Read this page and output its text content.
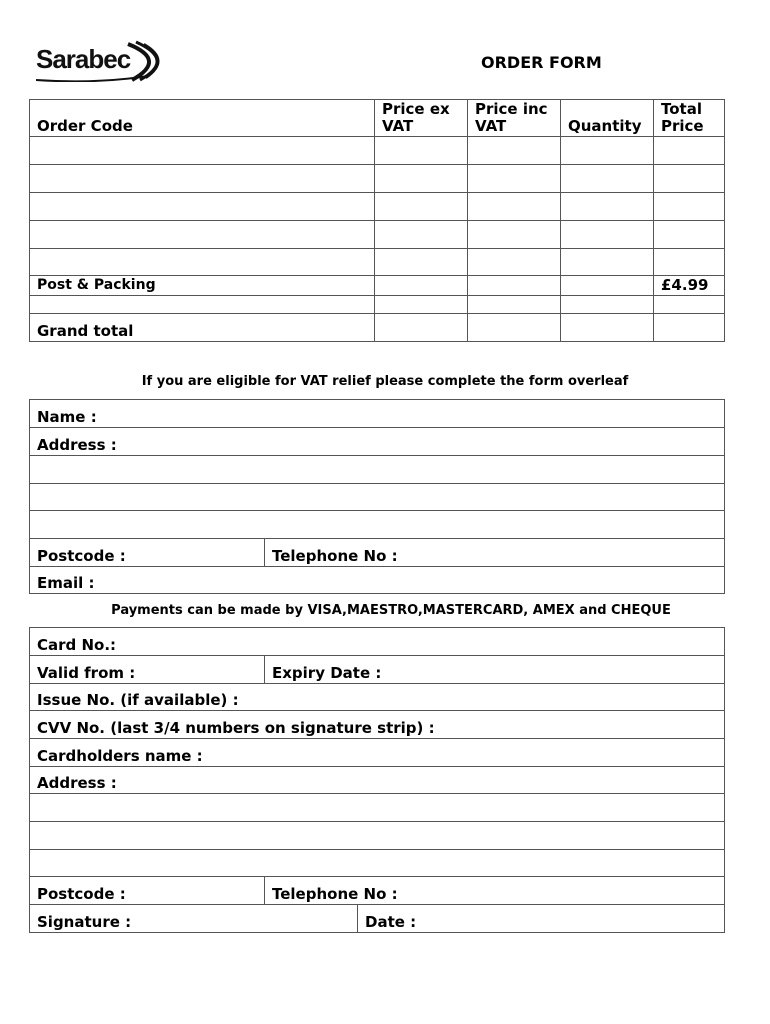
Sarabec	ORDER FORM
Order Code	Price ex VAT	Price inc VAT	Quantity	Total Price

Post & Packing				£4.99

Grand total				
If you are eligible for VAT relief please complete the form overleaf
Name :
Address :

Postcode :	Telephone No :
Email :
Payments can be made by VISA,MAESTRO,MASTERCARD, AMEX and CHEQUE
Card No.:		
Valid from :	Expiry Date :	
Issue No. (if available) :		
CVV No. (last 3/4 numbers on signature strip) :		
Cardholders name :		
Address :		

Postcode :	Telephone No :	
Signature :		Date :
